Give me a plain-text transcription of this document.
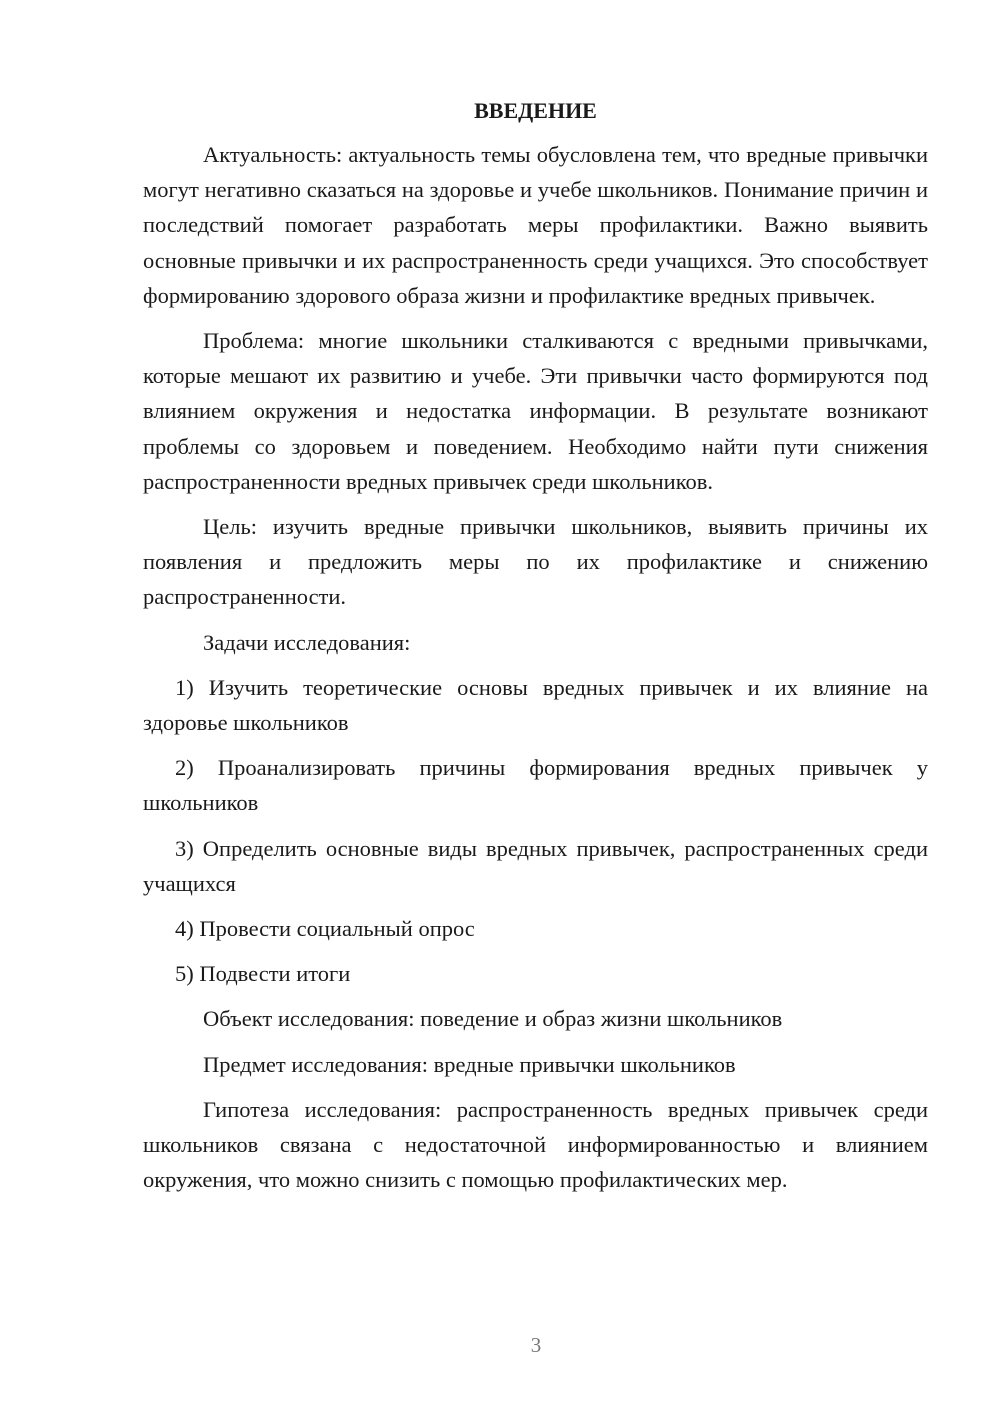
ВВЕДЕНИЕ

Актуальность: актуальность темы обусловлена тем, что вредные привычки могут негативно сказаться на здоровье и учебе школьников. Понимание причин и последствий помогает разработать меры профилактики. Важно выявить основные привычки и их распространенность среди учащихся. Это способствует формированию здорового образа жизни и профилактике вредных привычек.

Проблема: многие школьники сталкиваются с вредными привычками, которые мешают их развитию и учебе. Эти привычки часто формируются под влиянием окружения и недостатка информации. В результате возникают проблемы со здоровьем и поведением. Необходимо найти пути снижения распространенности вредных привычек среди школьников.

Цель: изучить вредные привычки школьников, выявить причины их появления и предложить меры по их профилактике и снижению распространенности.

Задачи исследования:

1) Изучить теоретические основы вредных привычек и их влияние на здоровье школьников

2) Проанализировать причины формирования вредных привычек у школьников

3) Определить основные виды вредных привычек, распространенных среди учащихся

4) Провести социальный опрос

5) Подвести итоги

Объект исследования: поведение и образ жизни школьников

Предмет исследования: вредные привычки школьников

Гипотеза исследования: распространенность вредных привычек среди школьников связана с недостаточной информированностью и влиянием окружения, что можно снизить с помощью профилактических мер.

3
